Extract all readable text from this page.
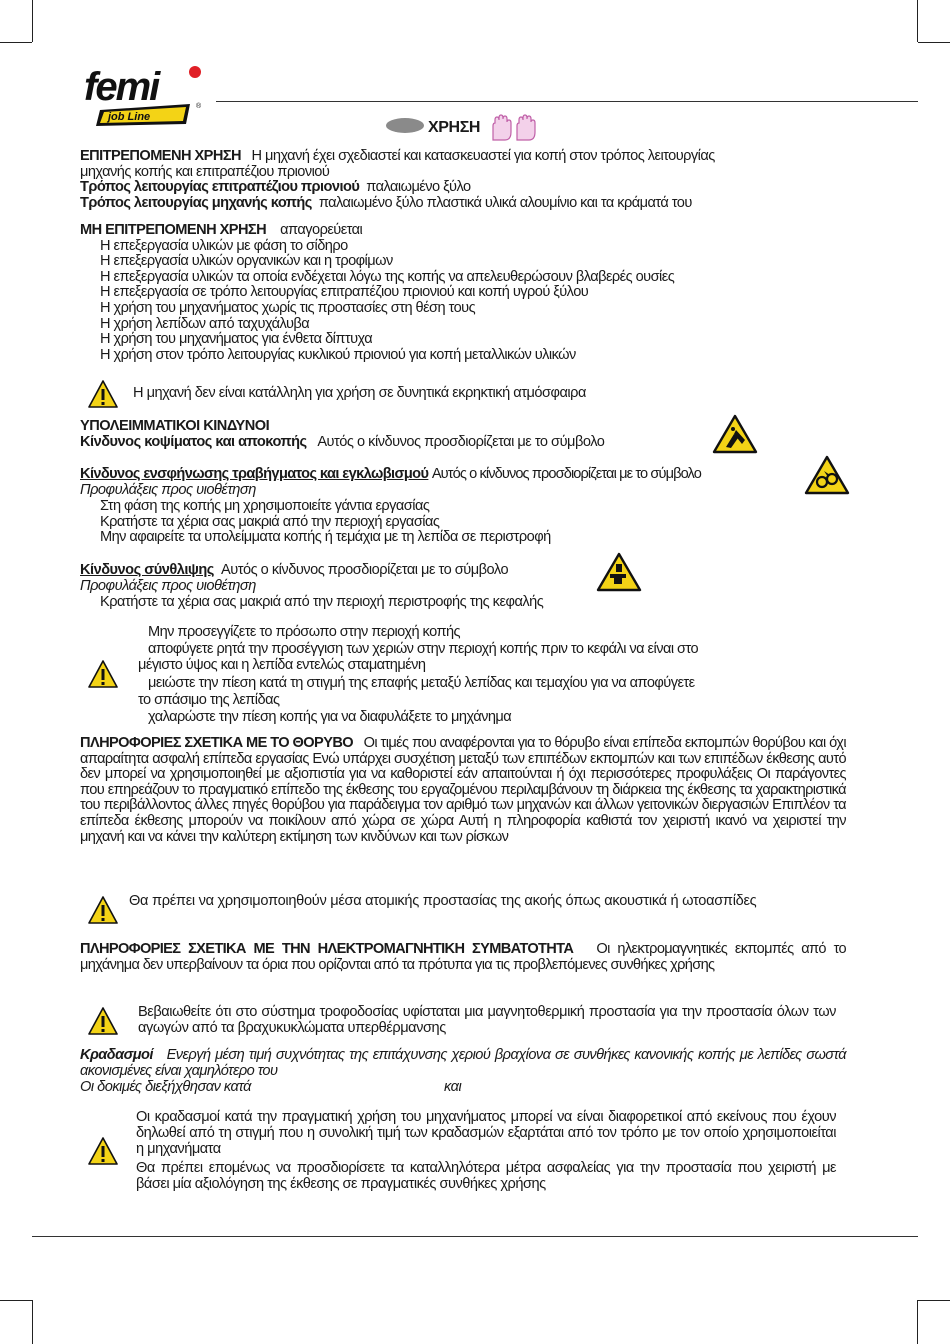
femi
job Line
®
ΧΡΗΣΗ
ΕΠΙΤΡΕΠΟΜΕΝΗ ΧΡΗΣΗ Η μηχανή έχει σχεδιαστεί και κατασκευαστεί για κοπή στον τρόπος λειτουργίας
μηχανής κοπής και επιτραπέζιου πριονιού
Τρόπος λειτουργίας επιτραπέζιου πριονιού παλαιωμένο ξύλο
Τρόπος λειτουργίας μηχανής κοπής παλαιωμένο ξύλο πλαστικά υλικά αλουμίνιο και τα κράματά του
ΜΗ ΕΠΙΤΡΕΠΟΜΕΝΗ ΧΡΗΣΗ απαγορεύεται
Η επεξεργασία υλικών με φάση το σίδηρο
Η επεξεργασία υλικών οργανικών και η τροφίμων
Η επεξεργασία υλικών τα οποία ενδέχεται λόγω της κοπής να απελευθερώσουν βλαβερές ουσίες
Η επεξεργασία σε τρόπο λειτουργίας επιτραπέζιου πριονιού και κοπή υγρού ξύλου
Η χρήση του μηχανήματος χωρίς τις προστασίες στη θέση τους
Η χρήση λεπίδων από ταχυχάλυβα
Η χρήση του μηχανήματος για ένθετα δίπτυχα
Η χρήση στον τρόπο λειτουργίας κυκλικού πριονιού για κοπή μεταλλικών υλικών
Η μηχανή δεν είναι κατάλληλη για χρήση σε δυνητικά εκρηκτική ατμόσφαιρα
ΥΠΟΛΕΙΜΜΑΤΙΚΟΙ ΚΙΝΔΥΝΟΙ
Κίνδυνος κοψίματος και αποκοπής Αυτός ο κίνδυνος προσδιορίζεται με το σύμβολο
Κίνδυνος ενσφήνωσης τραβήγματος και εγκλωβισμού Αυτός ο κίνδυνος προσδιορίζεται με το σύμβολο
Προφυλάξεις προς υιοθέτηση
Στη φάση της κοπής μη χρησιμοποιείτε γάντια εργασίας
Κρατήστε τα χέρια σας μακριά από την περιοχή εργασίας
Μην αφαιρείτε τα υπολείμματα κοπής ή τεμάχια με τη λεπίδα σε περιστροφή
Κίνδυνος σύνθλιψης Αυτός ο κίνδυνος προσδιορίζεται με το σύμβολο
Προφυλάξεις προς υιοθέτηση
Κρατήστε τα χέρια σας μακριά από την περιοχή περιστροφής της κεφαλής
Μην προσεγγίζετε το πρόσωπο στην περιοχή κοπής
αποφύγετε ρητά την προσέγγιση των χεριών στην περιοχή κοπής πριν το κεφάλι να είναι στο
μέγιστο ύψος και η λεπίδα εντελώς σταματημένη
μειώστε την πίεση κατά τη στιγμή της επαφής μεταξύ λεπίδας και τεμαχίου για να αποφύγετε
το σπάσιμο της λεπίδας
χαλαρώστε την πίεση κοπής για να διαφυλάξετε το μηχάνημα
ΠΛΗΡΟΦΟΡΙΕΣ ΣΧΕΤΙΚΑ ΜΕ ΤΟ ΘΟΡΥΒΟ Οι τιμές που αναφέρονται για το θόρυβο είναι επίπεδα εκπομπών θορύβου και όχι απαραίτητα ασφαλή επίπεδα εργασίας Ενώ υπάρχει συσχέτιση μεταξύ των επιπέδων εκπομπών και των επιπέδων έκθεσης αυτό δεν μπορεί να χρησιμοποιηθεί με αξιοπιστία για να καθοριστεί εάν απαιτούνται ή όχι περισσότερες προφυλάξεις Οι παράγοντες που επηρεάζουν το πραγματικό επίπεδο της έκθεσης του εργαζομένου περιλαμβάνουν τη διάρκεια της έκθεσης τα χαρακτηριστικά του περιβάλλοντος άλλες πηγές θορύβου για παράδειγμα τον αριθμό των μηχανών και άλλων γειτονικών διεργασιών Επιπλέον τα επίπεδα έκθεσης μπορούν να ποικίλουν από χώρα σε χώρα Αυτή η πληροφορία καθιστά τον χειριστή ικανό να χειριστεί την μηχανή και να κάνει την καλύτερη εκτίμηση των κινδύνων και των ρίσκων
Θα πρέπει να χρησιμοποιηθούν μέσα ατομικής προστασίας της ακοής όπως ακουστικά ή ωτοασπίδες
ΠΛΗΡΟΦΟΡΙΕΣ ΣΧΕΤΙΚΑ ΜΕ ΤΗΝ ΗΛΕΚΤΡΟΜΑΓΝΗΤΙΚΗ ΣΥΜΒΑΤΟΤΗΤΑ Οι ηλεκτρομαγνητικές εκπομπές από το μηχάνημα δεν υπερβαίνουν τα όρια που ορίζονται από τα πρότυπα για τις προβλεπόμενες συνθήκες χρήσης
Βεβαιωθείτε ότι στο σύστημα τροφοδοσίας υφίσταται μια μαγνητοθερμική προστασία για την προστασία όλων των αγωγών από τα βραχυκυκλώματα υπερθέρμανσης
Κραδασμοί Ενεργή μέση τιμή συχνότητας της επιτάχυνσης χεριού βραχίονα σε συνθήκες κανονικής κοπής με λεπίδες σωστά ακονισμένες είναι χαμηλότερο του
Οι δοκιμές διεξήχθησαν κατά	και
Οι κραδασμοί κατά την πραγματική χρήση του μηχανήματος μπορεί να είναι διαφορετικοί από εκείνους που έχουν δηλωθεί από τη στιγμή που η συνολική τιμή των κραδασμών εξαρτάται από τον τρόπο με τον οποίο χρησιμοποιείται η μηχανήματα
Θα πρέπει επομένως να προσδιορίσετε τα καταλληλότερα μέτρα ασφαλείας για την προστασία που χειριστή με βάσει μία αξιολόγηση της έκθεσης σε πραγματικές συνθήκες χρήσης
